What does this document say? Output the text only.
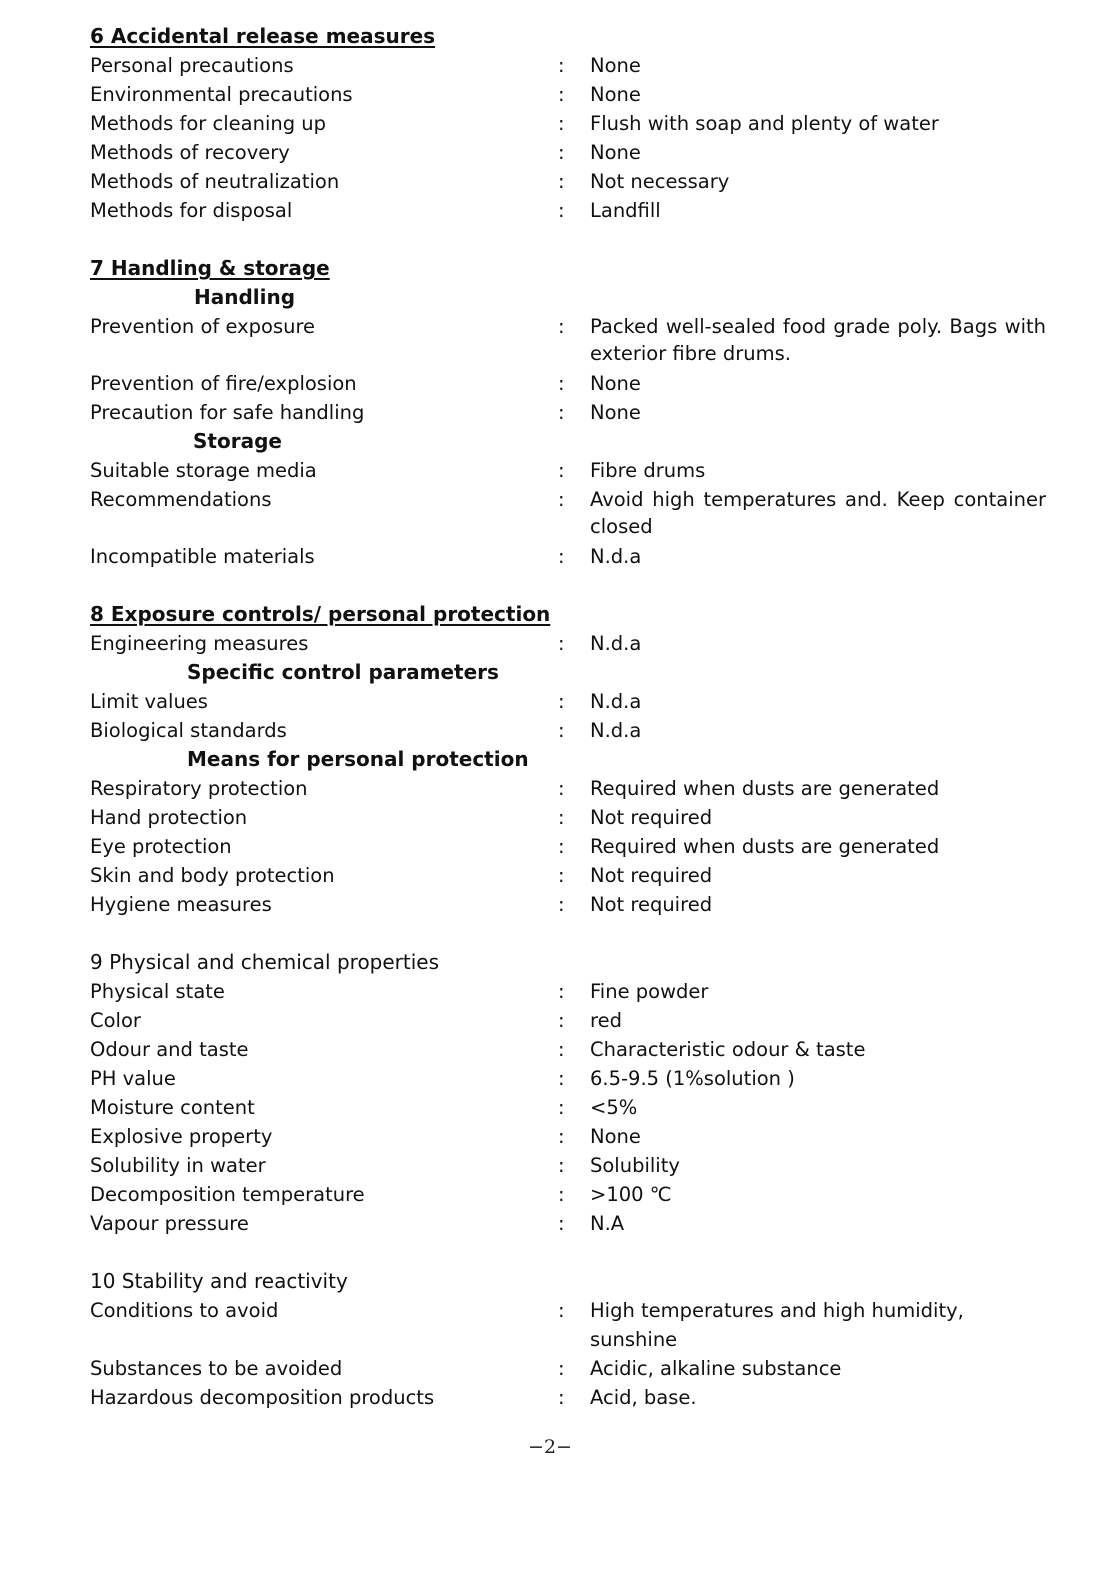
6 Accidental release measures
Personal precautions	:	None
Environmental precautions	:	None
Methods for cleaning up	:	Flush with soap and plenty of water
Methods of recovery	:	None
Methods of neutralization	:	Not necessary
Methods for disposal	:	Landfill
7 Handling & storage
Handling
Prevention of exposure	:	Packed well-sealed food grade poly. Bags with exterior fibre drums.
Prevention of fire/explosion	:	None
Precaution for safe handling	:	None
Storage
Suitable storage media	:	Fibre drums
Recommendations	:	Avoid high temperatures and. Keep container closed
Incompatible materials	:	N.d.a
8 Exposure controls/ personal protection
Engineering measures	:	N.d.a
Specific control parameters
Limit values	:	N.d.a
Biological standards	:	N.d.a
Means for personal protection
Respiratory protection	:	Required when dusts are generated
Hand protection	:	Not required
Eye protection	:	Required when dusts are generated
Skin and body protection	:	Not required
Hygiene measures	:	Not required
9 Physical and chemical properties
Physical state	:	Fine powder
Color	:	red
Odour and taste	:	Characteristic odour & taste
PH value	:	6.5-9.5 (1%solution )
Moisture content	:	<5%
Explosive property	:	None
Solubility in water	:	Solubility
Decomposition temperature	:	>100 ℃
Vapour pressure	:	N.A
10 Stability and reactivity
Conditions to avoid	:	High temperatures and high humidity, sunshine
Substances to be avoided	:	Acidic, alkaline substance
Hazardous decomposition products	:	Acid, base.
−2−
